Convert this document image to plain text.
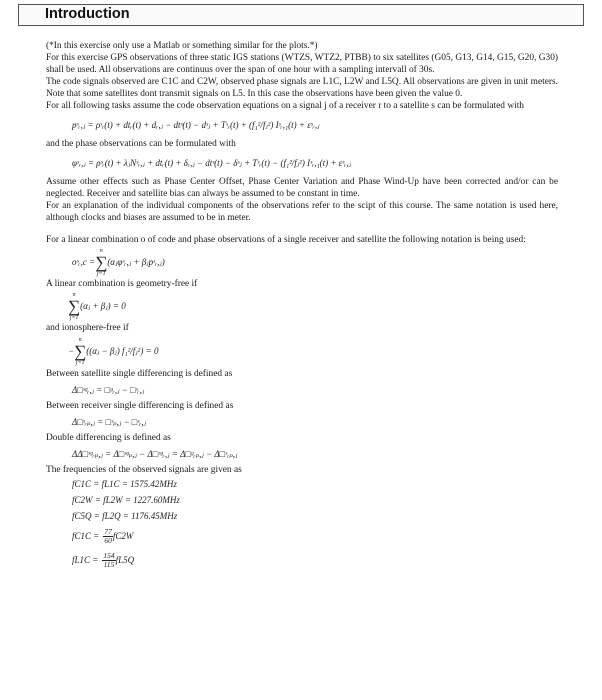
Introduction

(*In this exercise only use a Matlab or something similar for the plots.*)

For this exercise GPS observations of three static IGS stations (WTZS, WTZ2, PTBB) to six satellites (G05, G13, G14, G15, G20, G30) shall be used. All observations are continuus over the span of one hour with a sampling intervall of 30s.

The code signals observed are C1C and C2W, observed phase signals are L1C, L2W and L5Q. All observations are given in unit meters. Note that some satellites dont transmit signals on L5. In this case the observations have been given the value 0.

For all following tasks assume the code observation equations on a signal j of a receiver r to a satellite s can be formulated with

pˢᵣ,ⱼ = ρˢᵣ(t) + dtᵣ(t) + dᵣ,ⱼ − dtˢ(t) − dˢⱼ + Tˢᵣ(t) + (f₁²/fⱼ²) Iˢᵣ,₁(t) + εˢᵣ,ⱼ

and the phase observations can be formulated with

φˢᵣ,ⱼ = ρˢᵣ(t) + λⱼNˢᵣ,ⱼ + dtᵣ(t) + δᵣ,ⱼ − dtˢ(t) − δˢⱼ + Tˢᵣ(t) − (f₁²/fⱼ²) Iˢᵣ,₁(t) + εˢᵣ,ⱼ

Assume other effects such as Phase Center Offset, Phase Center Variation and Phase Wind-Up have been corrected and/or can be neglected. Receiver and satellite bias can always be assumed to be constant in time.

For an explanation of the individual components of the observations refer to the scipt of this course. The same notation is used here, although clocks and biases are assumed to be in meter.

For a linear combination o of code and phase observations of a single receiver and satellite the following notation is being used:

oˢᵣ,c =
n
∑
j=1
(αⱼφˢᵣ,ⱼ + βⱼpˢᵣ,ⱼ)

A linear combination is geometry-free if

n
∑
j=1
(αⱼ + βⱼ) = 0

and ionosphere-free if

−
n
∑
j=1
((αⱼ − βⱼ) f₁²/fⱼ²) = 0

Between satellite single differencing is defined as

Δ□ˢᵍᵣ,ⱼ = □ᵍᵣ,ⱼ − □ˢᵣ,ⱼ

Between receiver single differencing is defined as

Δ□ˢᵣₚ,ⱼ = □ˢₚ,ⱼ − □ˢᵣ,ⱼ

Double differencing is defined as

ΔΔ□ˢᵍᵣₚ,ⱼ = Δ□ˢᵍₚ,ⱼ − Δ□ˢᵍᵣ,ⱼ = Δ□ᵍᵣₚ,ⱼ − Δ□ˢᵣₚ,ⱼ

The frequencies of the observed signals are given as

fC1C = fL1C = 1575.42MHz
fC2W = fL2W = 1227.60MHz
fC5Q = fL2Q = 1176.45MHz
fC1C =
$\frac{77}{60} fC2W$
fL1C =
$\frac{154}{115} fL5Q$
